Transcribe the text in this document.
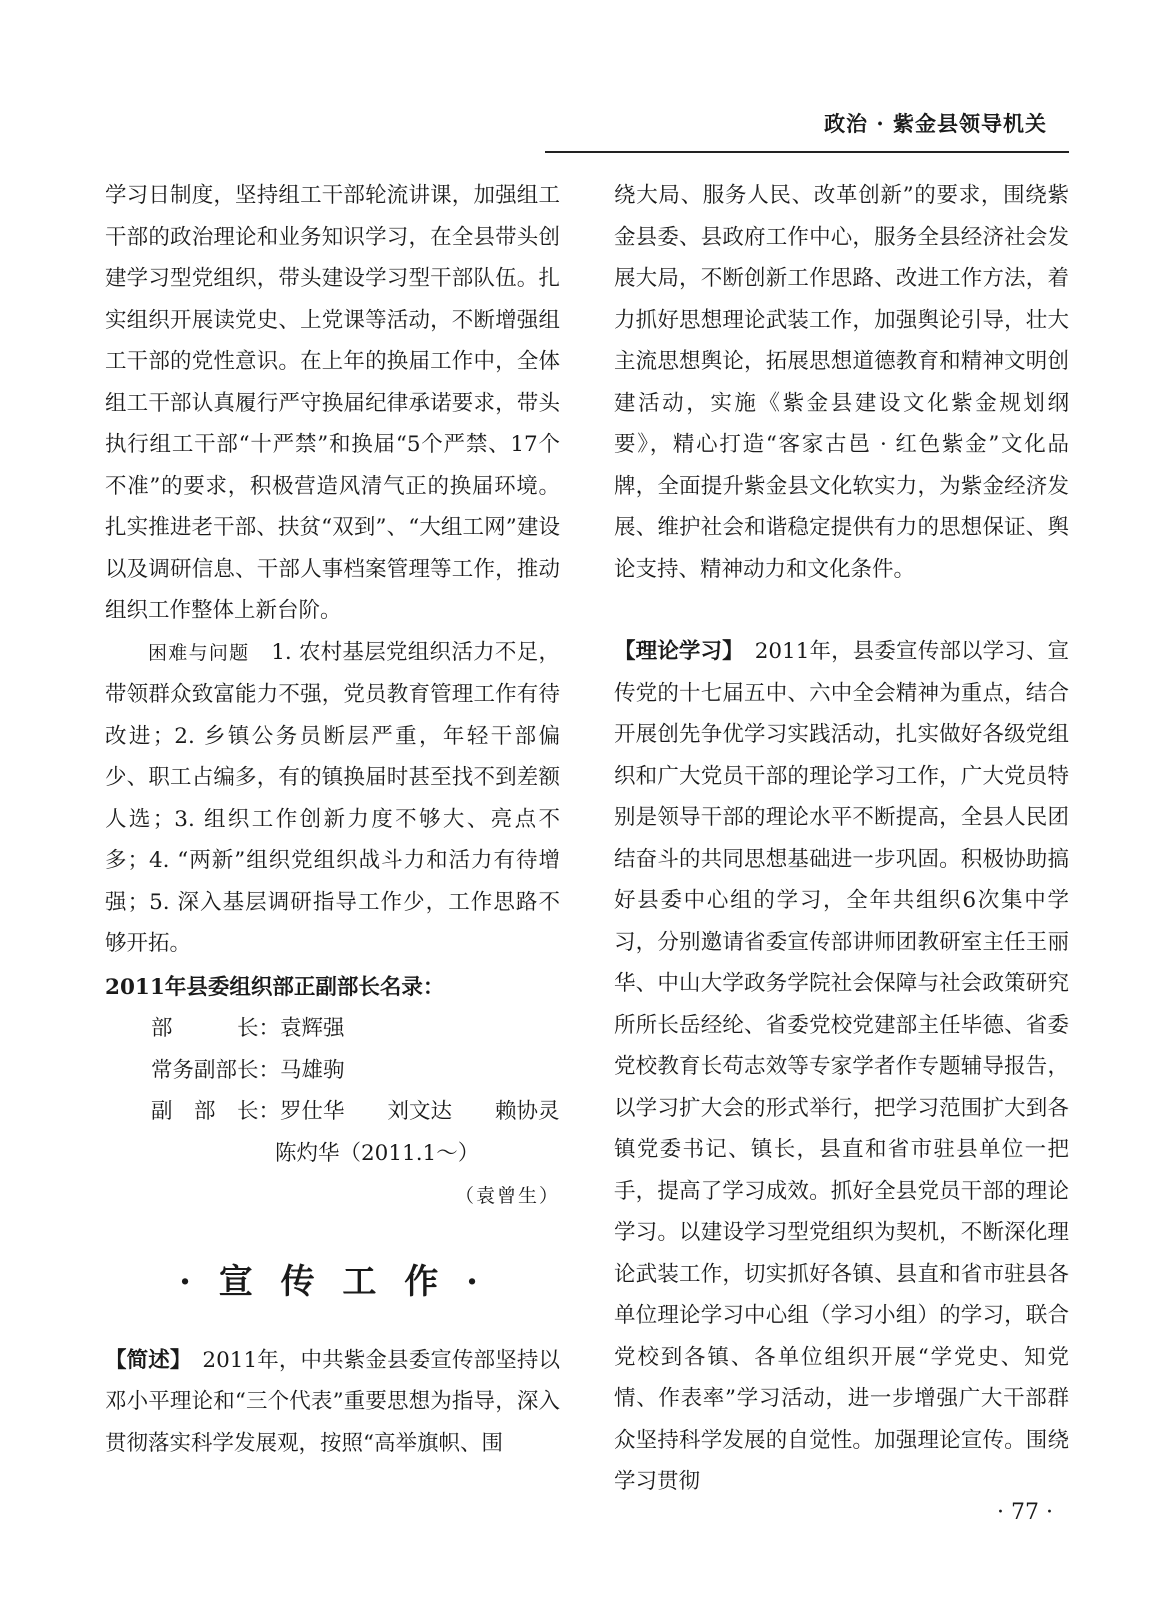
政治 · 紫金县领导机关

学习日制度，坚持组工干部轮流讲课，加强组工干部的政治理论和业务知识学习，在全县带头创建学习型党组织，带头建设学习型干部队伍。扎实组织开展读党史、上党课等活动，不断增强组工干部的党性意识。在上年的换届工作中，全体组工干部认真履行严守换届纪律承诺要求，带头执行组工干部“十严禁”和换届“5个严禁、17个不准”的要求，积极营造风清气正的换届环境。扎实推进老干部、扶贫“双到”、“大组工网”建设以及调研信息、干部人事档案管理等工作，推动组织工作整体上新台阶。

困难与问题　 1. 农村基层党组织活力不足，带领群众致富能力不强，党员教育管理工作有待改进；2. 乡镇公务员断层严重，年轻干部偏少、职工占编多，有的镇换届时甚至找不到差额人选；3. 组织工作创新力度不够大、亮点不多；4. “两新”组织党组织战斗力和活力有待增强；5. 深入基层调研指导工作少，工作思路不够开拓。

2011年县委组织部正副部长名录：

部　　　长： 袁辉强

常务副部长： 马雄驹

副　部　长： 罗仕华　　刘文达　　赖协灵

陈灼华（2011.1～）

（袁曾生）

· 宣 传 工 作 ·

【简述】　 2011年，中共紫金县委宣传部坚持以邓小平理论和“三个代表”重要思想为指导，深入贯彻落实科学发展观，按照“高举旗帜、围

绕大局、服务人民、改革创新”的要求，围绕紫金县委、县政府工作中心，服务全县经济社会发展大局，不断创新工作思路、改进工作方法，着力抓好思想理论武装工作，加强舆论引导，壮大主流思想舆论，拓展思想道德教育和精神文明创建活动，实施《紫金县建设文化紫金规划纲要》，精心打造“客家古邑 · 红色紫金”文化品牌，全面提升紫金县文化软实力，为紫金经济发展、维护社会和谐稳定提供有力的思想保证、舆论支持、精神动力和文化条件。

【理论学习】　 2011年，县委宣传部以学习、宣传党的十七届五中、六中全会精神为重点，结合开展创先争优学习实践活动，扎实做好各级党组织和广大党员干部的理论学习工作，广大党员特别是领导干部的理论水平不断提高，全县人民团结奋斗的共同思想基础进一步巩固。积极协助搞好县委中心组的学习，全年共组织6次集中学习，分别邀请省委宣传部讲师团教研室主任王丽华、中山大学政务学院社会保障与社会政策研究所所长岳经纶、省委党校党建部主任毕德、省委党校教育长苟志效等专家学者作专题辅导报告，以学习扩大会的形式举行，把学习范围扩大到各镇党委书记、镇长，县直和省市驻县单位一把手，提高了学习成效。抓好全县党员干部的理论学习。以建设学习型党组织为契机，不断深化理论武装工作，切实抓好各镇、县直和省市驻县各单位理论学习中心组（学习小组）的学习，联合党校到各镇、各单位组织开展“学党史、知党情、作表率”学习活动，进一步增强广大干部群众坚持科学发展的自觉性。加强理论宣传。围绕学习贯彻

· 77 ·
